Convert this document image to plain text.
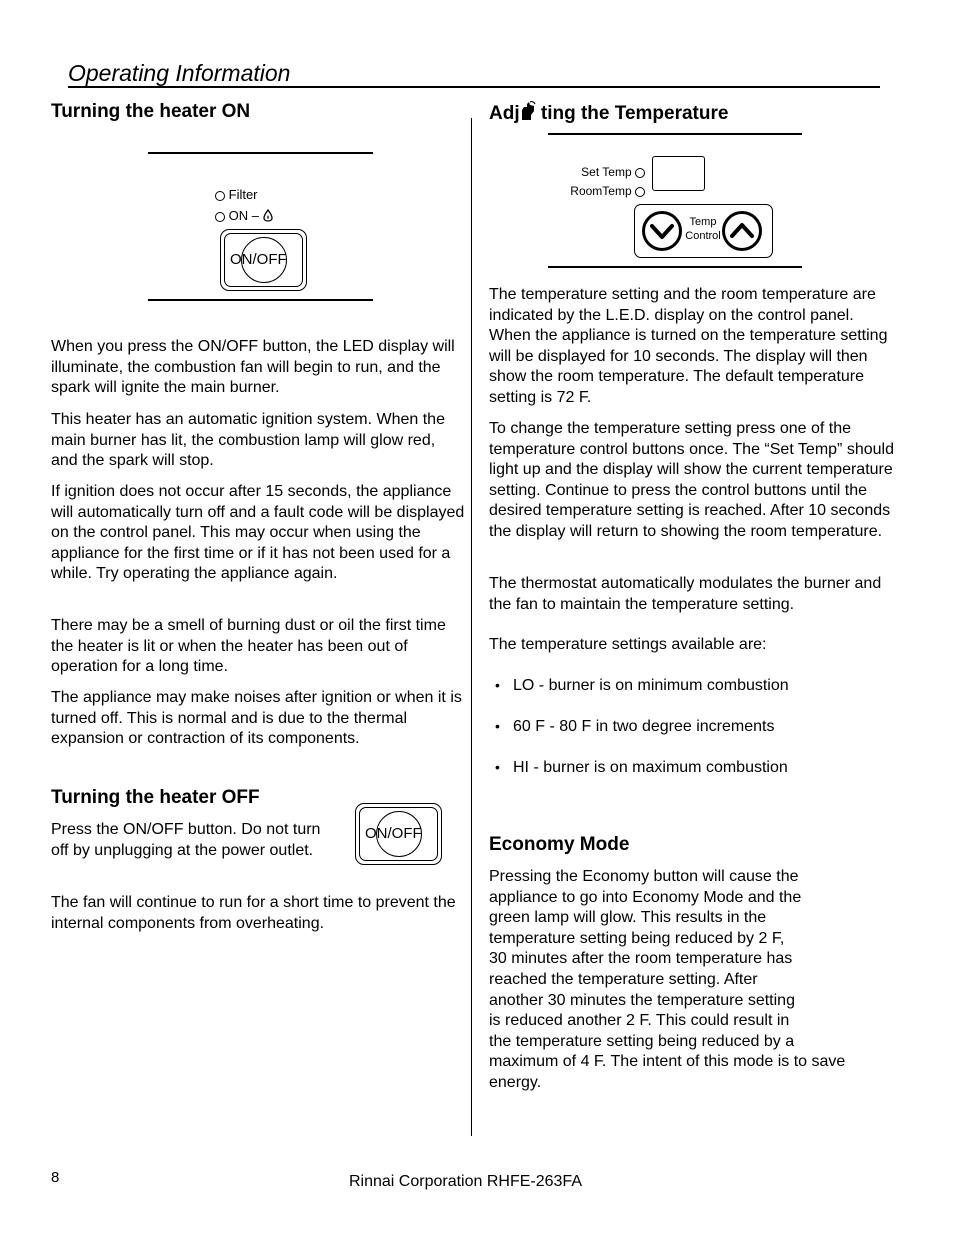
Operating Information
Turning the heater ON
Filter
ON –
ON/OFF

When you press the ON/OFF button, the LED display will illuminate, the combustion fan will begin to run, and the spark will ignite the main burner.

This heater has an automatic ignition system. When the main burner has lit, the combustion lamp will glow red, and the spark will stop.

If ignition does not occur after 15 seconds, the appliance will automatically turn off and a fault code will be displayed on the control panel. This may occur when using the appliance for the first time or if it has not been used for a while. Try operating the appliance again.

There may be a smell of burning dust or oil the first time the heater is lit or when the heater has been out of operation for a long time.

The appliance may make noises after ignition or when it is turned off. This is normal and is due to the thermal expansion or contraction of its components.

Turning the heater OFF
ON/OFF

Press the ON/OFF button. Do not turn off by unplugging at the power outlet.

The fan will continue to run for a short time to prevent the internal components from overheating.

Adj ting the Temperature
Set Temp
RoomTemp
Temp
Control

The temperature setting and the room temperature are indicated by the L.E.D. display on the control panel. When the appliance is turned on the temperature setting will be displayed for 10 seconds. The display will then show the room temperature. The default temperature setting is 72 F.

To change the temperature setting press one of the temperature control buttons once. The “Set Temp” should light up and the display will show the current temperature setting. Continue to press the control buttons until the desired temperature setting is reached. After 10 seconds the display will return to showing the room temperature.

The thermostat automatically modulates the burner and the fan to maintain the temperature setting.

The temperature settings available are:

• LO - burner is on minimum combustion
• 60 F - 80 F in two degree increments
• HI - burner is on maximum combustion
Economy Mode
Pressing the Economy button will cause the
appliance to go into Economy Mode and the
green lamp will glow. This results in the
temperature setting being reduced by 2 F,
30 minutes after the room temperature has
reached the temperature setting. After
another 30 minutes the temperature setting
is reduced another 2 F. This could result in
the temperature setting being reduced by a
maximum of 4 F. The intent of this mode is to save
energy.
8	Rinnai Corporation RHFE-263FA
